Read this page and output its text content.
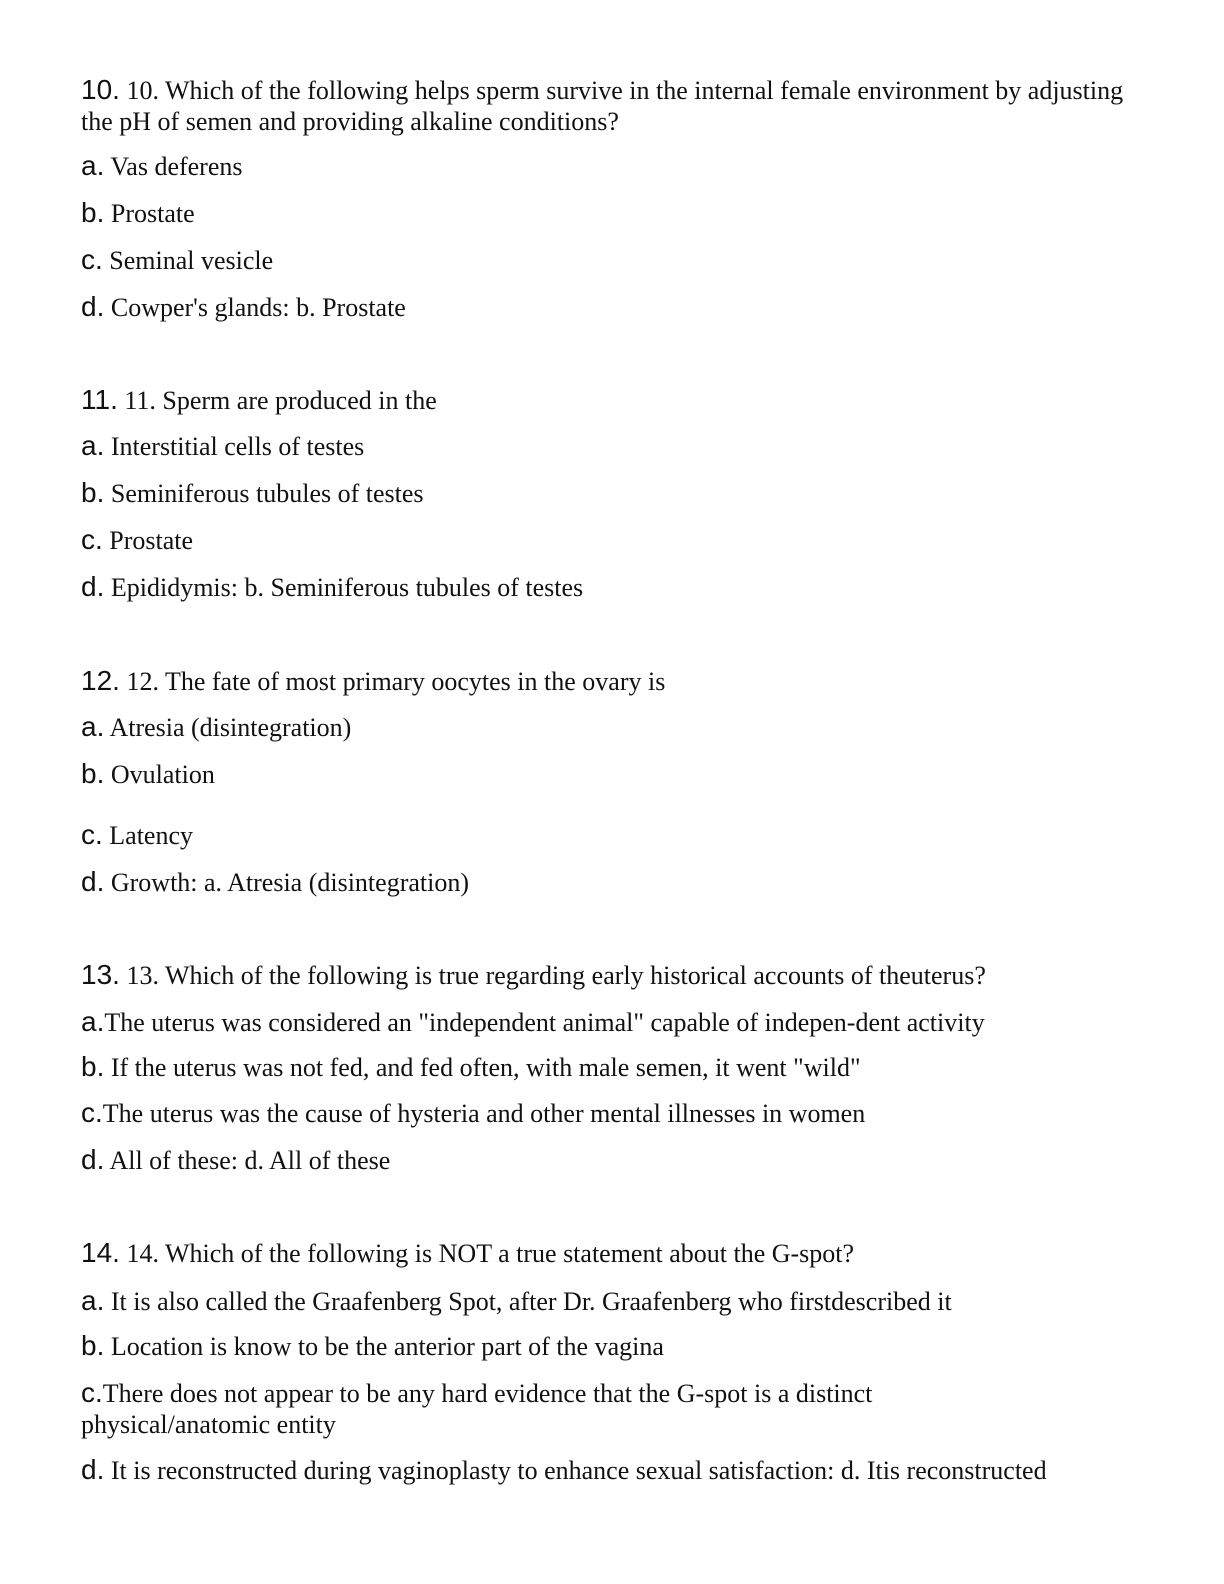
10. 10. Which of the following helps sperm survive in the internal female environment by adjusting the pH of semen and providing alkaline conditions?
a. Vas deferens
b. Prostate
c. Seminal vesicle
d. Cowper's glands: b. Prostate
11. 11. Sperm are produced in the
a. Interstitial cells of testes
b. Seminiferous tubules of testes
c. Prostate
d. Epididymis: b. Seminiferous tubules of testes
12. 12. The fate of most primary oocytes in the ovary is
a. Atresia (disintegration)
b. Ovulation
c. Latency
d. Growth: a. Atresia (disintegration)
13. 13. Which of the following is true regarding early historical accounts of theuterus?
a.The uterus was considered an "independent animal" capable of indepen-dent activity
b. If the uterus was not fed, and fed often, with male semen, it went "wild"
c.The uterus was the cause of hysteria and other mental illnesses in women
d. All of these: d. All of these
14. 14. Which of the following is NOT a true statement about the G-spot?
a. It is also called the Graafenberg Spot, after Dr. Graafenberg who firstdescribed it
b. Location is know to be the anterior part of the vagina
c.There does not appear to be any hard evidence that the G-spot is a distinct physical/anatomic entity
d. It is reconstructed during vaginoplasty to enhance sexual satisfaction: d. Itis reconstructed
